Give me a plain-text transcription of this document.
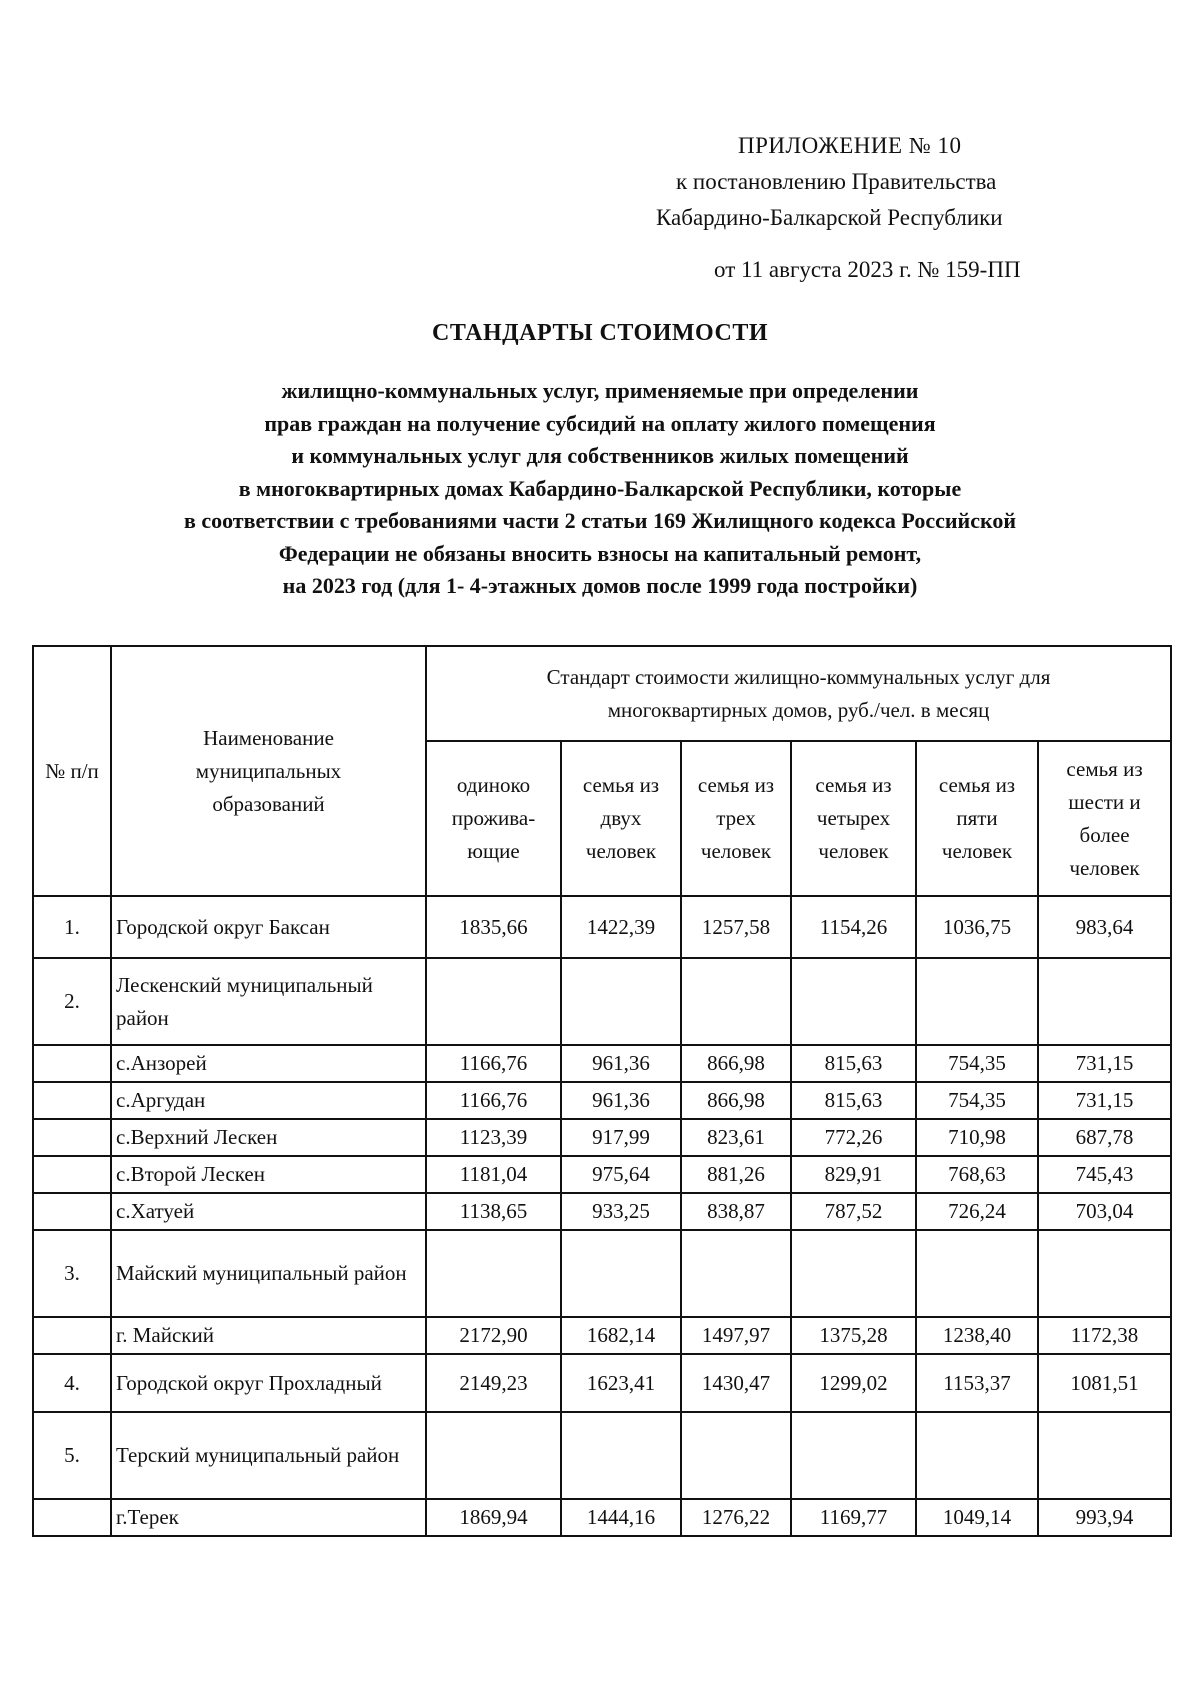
ПРИЛОЖЕНИЕ № 10
к постановлению Правительства
Кабардино-Балкарской Республики
от 11 августа 2023 г. № 159-ПП
СТАНДАРТЫ СТОИМОСТИ
жилищно-коммунальных услуг, применяемые при определении
прав граждан на получение субсидий на оплату жилого помещения
и коммунальных услуг для собственников жилых помещений
в многоквартирных домах Кабардино-Балкарской Республики, которые
в соответствии с требованиями части 2 статьи 169 Жилищного кодекса Российской
Федерации не обязаны вносить взносы на капитальный ремонт,
на 2023 год (для 1- 4-этажных домов после 1999 года постройки)
№ п/п	Наименование муниципальных образований	Стандарт стоимости жилищно-коммунальных услуг для многоквартирных домов, руб./чел. в месяц					
		одиноко прожива-ющие	семья из двух человек	семья из трех человек	семья из четырех человек	семья из пяти человек	семья из шести и более человек
1.	Городской округ Баксан	1835,66	1422,39	1257,58	1154,26	1036,75	983,64
2.	Лескенский муниципальный район						
	с.Анзорей	1166,76	961,36	866,98	815,63	754,35	731,15
	с.Аргудан	1166,76	961,36	866,98	815,63	754,35	731,15
	с.Верхний Лескен	1123,39	917,99	823,61	772,26	710,98	687,78
	с.Второй Лескен	1181,04	975,64	881,26	829,91	768,63	745,43
	с.Хатуей	1138,65	933,25	838,87	787,52	726,24	703,04
3.	Майский муниципальный район						
	г. Майский	2172,90	1682,14	1497,97	1375,28	1238,40	1172,38
4.	Городской округ Прохладный	2149,23	1623,41	1430,47	1299,02	1153,37	1081,51
5.	Терский муниципальный район						
	г.Терек	1869,94	1444,16	1276,22	1169,77	1049,14	993,94
